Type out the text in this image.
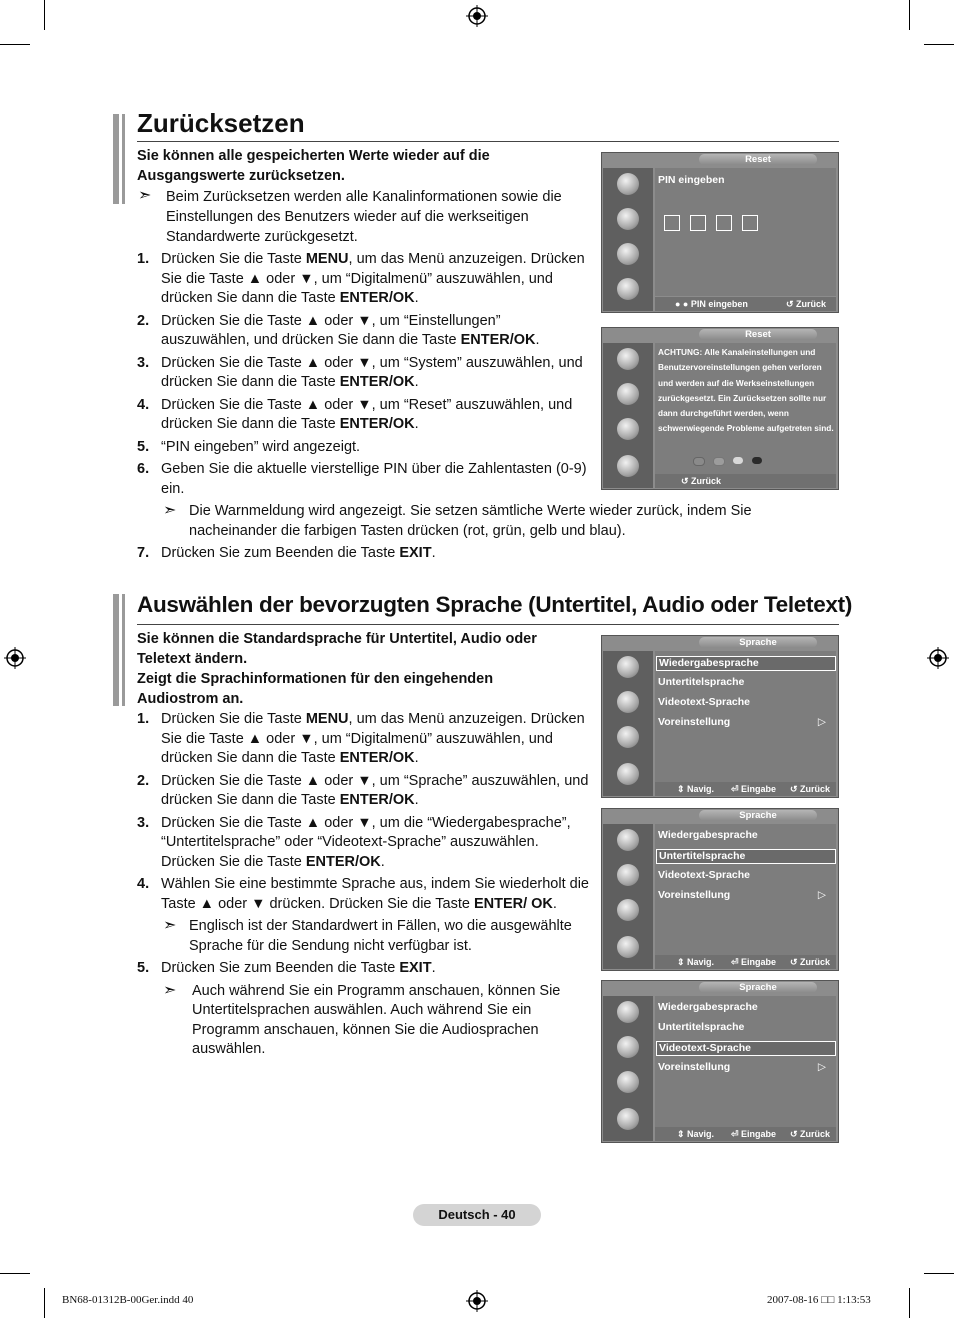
Zurücksetzen
Sie können alle gespeicherten Werte wieder auf die Ausgangswerte zurücksetzen.
➣ Beim Zurücksetzen werden alle Kanalinformationen sowie die Einstellungen des Benutzers wieder auf die werkseitigen Standardwerte zurückgesetzt.
1. Drücken Sie die Taste MENU, um das Menü anzuzeigen. Drücken Sie die Taste ▲ oder ▼, um “Digitalmenü” auszuwählen, und drücken Sie dann die Taste ENTER/OK.
2. Drücken Sie die Taste ▲ oder ▼, um “Einstellungen” auszuwählen, und drücken Sie dann die Taste ENTER/OK.
3. Drücken Sie die Taste ▲ oder ▼, um “System” auszuwählen, und drücken Sie dann die Taste ENTER/OK.
4. Drücken Sie die Taste ▲ oder ▼, um “Reset” auszuwählen, und drücken Sie dann die Taste ENTER/OK.
5. “PIN eingeben” wird angezeigt.
6. Geben Sie die aktuelle vierstellige PIN über die Zahlentasten (0-9) ein.
➣ Die Warnmeldung wird angezeigt. Sie setzen sämtliche Werte wieder zurück, indem Sie nacheinander die farbigen Tasten drücken (rot, grün, gelb und blau).
7. Drücken Sie zum Beenden die Taste EXIT.
Reset
PIN eingeben
● ● PIN eingeben	↺ Zurück
Reset
ACHTUNG: Alle Kanaleinstellungen und Benutzervoreinstellungen gehen verloren und werden auf die Werkseinstellungen zurückgesetzt. Ein Zurücksetzen sollte nur dann durchgeführt werden, wenn schwerwiegende Probleme aufgetreten sind.
↺ Zurück
Auswählen der bevorzugten Sprache (Untertitel, Audio oder Teletext)
Sie können die Standardsprache für Untertitel, Audio oder Teletext ändern.
Zeigt die Sprachinformationen für den eingehenden Audiostrom an.
1. Drücken Sie die Taste MENU, um das Menü anzuzeigen. Drücken Sie die Taste ▲ oder ▼, um “Digitalmenü” auszuwählen, und drücken Sie dann die Taste ENTER/OK.
2. Drücken Sie die Taste ▲ oder ▼, um “Sprache” auszuwählen, und drücken Sie dann die Taste ENTER/OK.
3. Drücken Sie die Taste ▲ oder ▼, um die “Wiedergabesprache”, “Untertitelsprache” oder “Videotext-Sprache” auszuwählen. Drücken Sie die Taste ENTER/OK.
4. Wählen Sie eine bestimmte Sprache aus, indem Sie wiederholt die Taste ▲ oder ▼ drücken. Drücken Sie die Taste ENTER/ OK.
➣ Englisch ist der Standardwert in Fällen, wo die ausgewählte Sprache für die Sendung nicht verfügbar ist.
5. Drücken Sie zum Beenden die Taste EXIT.
➣ Auch während Sie ein Programm anschauen, können Sie Untertitelsprachen auswählen. Auch während Sie ein Programm anschauen, können Sie die Audiosprachen auswählen.
Sprache
Wiedergabesprache
Untertitelsprache
Videotext-Sprache
Voreinstellung	▷
⇕ Navig. ⏎ Eingabe ↺ Zurück
Sprache
Wiedergabesprache
Untertitelsprache
Videotext-Sprache
Voreinstellung	▷
⇕ Navig. ⏎ Eingabe ↺ Zurück
Sprache
Wiedergabesprache
Untertitelsprache
Videotext-Sprache
Voreinstellung	▷
⇕ Navig. ⏎ Eingabe ↺ Zurück
Deutsch - 40
BN68-01312B-00Ger.indd 40	2007-08-16 □□ 1:13:53
